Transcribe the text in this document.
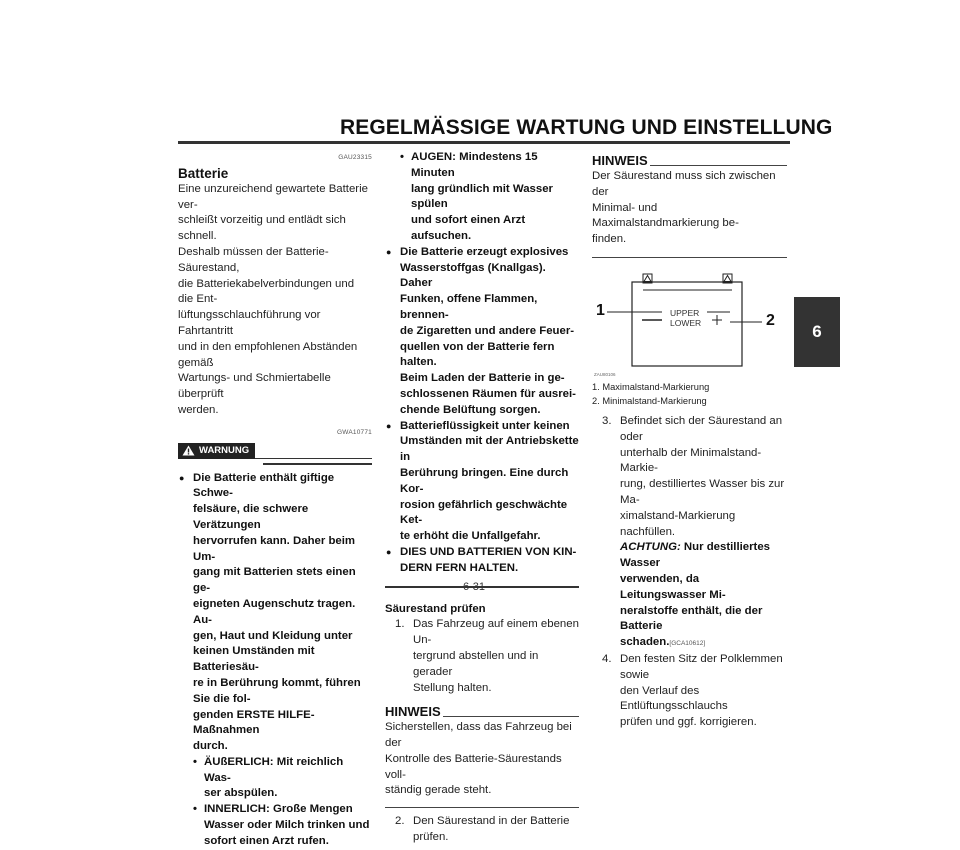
REGELMÄSSIGE WARTUNG UND EINSTELLUNG
6
GAU23315
Batterie

Eine unzureichend gewartete Batterie ver-
schleißt vorzeitig und entlädt sich schnell.
Deshalb müssen der Batterie-Säurestand,
die Batteriekabelverbindungen und die Ent-
lüftungsschlauchführung vor Fahrtantritt
und in den empfohlenen Abständen gemäß
Wartungs- und Schmiertabelle überprüft
werden.

GWA10771
WARNUNG
● Die Batterie enthält giftige Schwe-
felsäure, die schwere Verätzungen
hervorrufen kann. Daher beim Um-
gang mit Batterien stets einen ge-
eigneten Augenschutz tragen. Au-
gen, Haut und Kleidung unter
keinen Umständen mit Batteriesäu-
re in Berührung kommt, führen Sie die fol-
genden ERSTE HILFE-Maßnahmen
durch.
• ÄUßERLICH: Mit reichlich Was-
ser abspülen.
• INNERLICH: Große Mengen
Wasser oder Milch trinken und
sofort einen Arzt rufen.
• AUGEN: Mindestens 15 Minuten
lang gründlich mit Wasser spülen
und sofort einen Arzt aufsuchen.
● Die Batterie erzeugt explosives
Wasserstoffgas (Knallgas). Daher
Funken, offene Flammen, brennen-
de Zigaretten und andere Feuer-
quellen von der Batterie fern halten.
Beim Laden der Batterie in ge-
schlossenen Räumen für ausrei-
chende Belüftung sorgen.
● Batterieflüssigkeit unter keinen
Umständen mit der Antriebskette in
Berührung bringen. Eine durch Kor-
rosion gefährlich geschwächte Ket-
te erhöht die Unfallgefahr.
● DIES UND BATTERIEN VON KIN-
DERN FERN HALTEN.
Säurestand prüfen
1. Das Fahrzeug auf einem ebenen Un-
tergrund abstellen und in gerader
Stellung halten.
HINWEIS

Sicherstellen, dass das Fahrzeug bei der
Kontrolle des Batterie-Säurestands voll-
ständig gerade steht.

2. Den Säurestand in der Batterie prüfen.
HINWEIS

Der Säurestand muss sich zwischen der
Minimal- und Maximalstandmarkierung be-
finden.

UPPER
LOWER
1
2
ZAU80106
1. Maximalstand-Markierung
2. Minimalstand-Markierung
3. Befindet sich der Säurestand an oder
unterhalb der Minimalstand-Markie-
rung, destilliertes Wasser bis zur Ma-
ximalstand-Markierung nachfüllen.
ACHTUNG: Nur destilliertes Wasser
verwenden, da Leitungswasser Mi-
neralstoffe enthält, die der Batterie
schaden.[GCA10612]
4. Den festen Sitz der Polklemmen sowie
den Verlauf des Entlüftungsschlauchs
prüfen und ggf. korrigieren.
6-31
